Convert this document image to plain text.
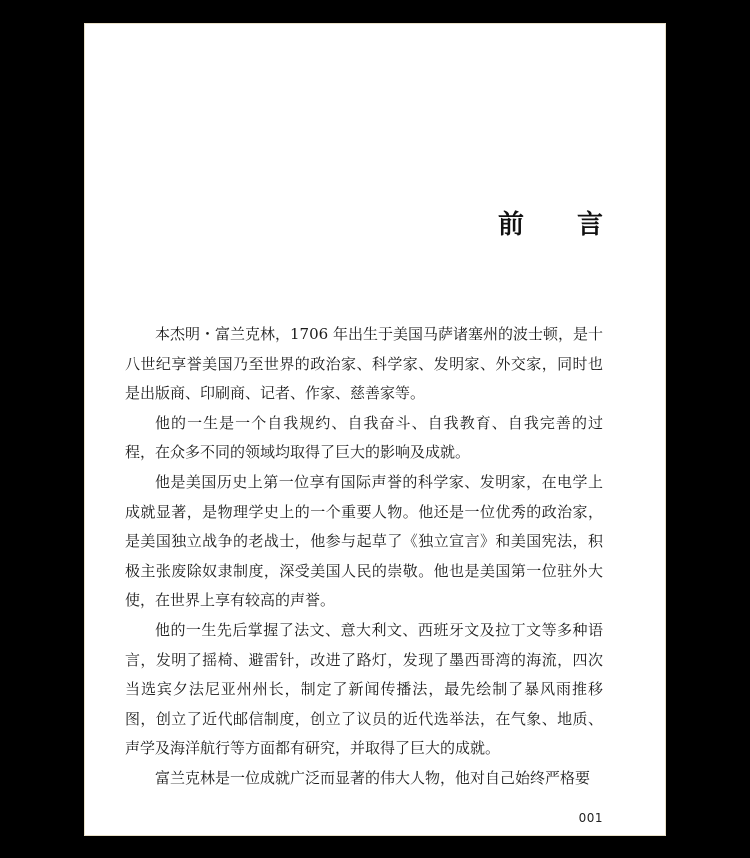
前 言

本杰明・富兰克林，1706 年出生于美国马萨诸塞州的波士顿，是十八世纪享誉美国乃至世界的政治家、科学家、发明家、外交家，同时也是出版商、印刷商、记者、作家、慈善家等。

他的一生是一个自我规约、自我奋斗、自我教育、自我完善的过程，在众多不同的领域均取得了巨大的影响及成就。

他是美国历史上第一位享有国际声誉的科学家、发明家，在电学上成就显著，是物理学史上的一个重要人物。他还是一位优秀的政治家，是美国独立战争的老战士，他参与起草了《独立宣言》和美国宪法，积极主张废除奴隶制度，深受美国人民的崇敬。他也是美国第一位驻外大使，在世界上享有较高的声誉。

他的一生先后掌握了法文、意大利文、西班牙文及拉丁文等多种语言，发明了摇椅、避雷针，改进了路灯，发现了墨西哥湾的海流，四次当选宾夕法尼亚州州长，制定了新闻传播法，最先绘制了暴风雨推移图，创立了近代邮信制度，创立了议员的近代选举法，在气象、地质、声学及海洋航行等方面都有研究，并取得了巨大的成就。

富兰克林是一位成就广泛而显著的伟大人物，他对自己始终严格要

001
